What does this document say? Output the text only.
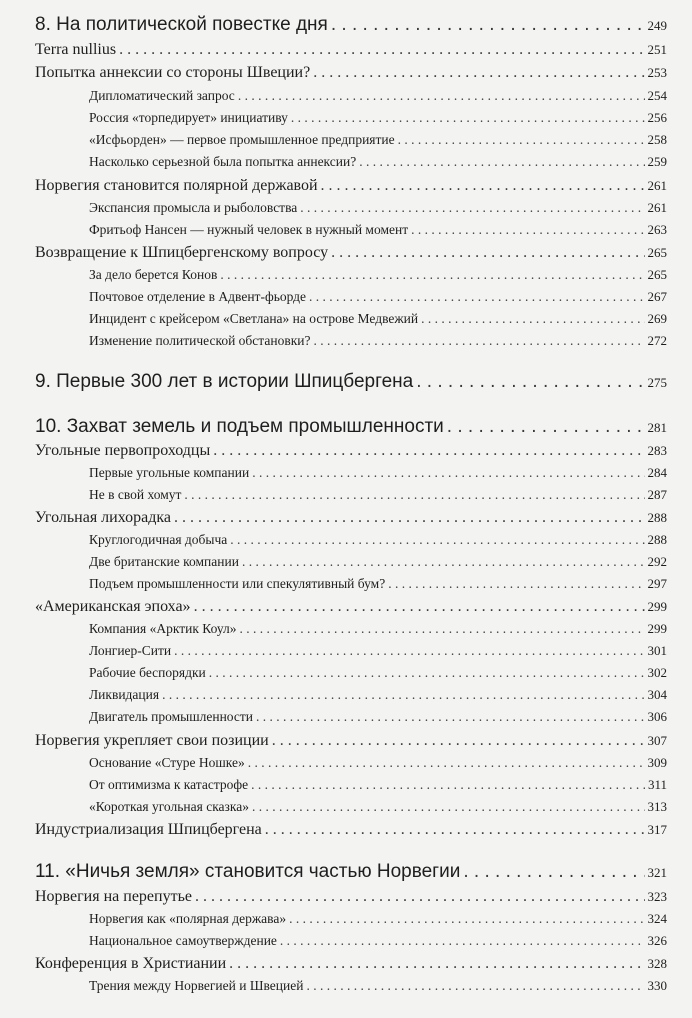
8. На политической повестке дня . . .	249
Terra nullius . . .	251
Попытка аннексии со стороны Швеции? . . .	253
Дипломатический запрос . . .	254
Россия «торпедирует» инициативу . . .	256
«Исфьорден» — первое промышленное предприятие . . .	258
Насколько серьезной была попытка аннексии? . . .	259
Норвегия становится полярной державой . . .	261
Экспансия промысла и рыболовства . . .	261
Фритьоф Нансен — нужный человек в нужный момент . . .	263
Возвращение к Шпицбергенскому вопросу . . .	265
За дело берется Конов . . .	265
Почтовое отделение в Адвент-фьорде . . .	267
Инцидент с крейсером «Светлана» на острове Медвежий . . .	269
Изменение политической обстановки? . . .	272
9. Первые 300 лет в истории Шпицбергена . . .	275
10. Захват земель и подъем промышленности . . .	281
Угольные первопроходцы . . .	283
Первые угольные компании . . .	284
Не в свой хомут . . .	287
Угольная лихорадка . . .	288
Круглогодичная добыча . . .	288
Две британские компании . . .	292
Подъем промышленности или спекулятивный бум? . . .	297
«Американская эпоха» . . .	299
Компания «Арктик Коул» . . .	299
Лонгиер-Сити . . .	301
Рабочие беспорядки . . .	302
Ликвидация . . .	304
Двигатель промышленности . . .	306
Норвегия укрепляет свои позиции . . .	307
Основание «Стуре Ношке» . . .	309
От оптимизма к катастрофе . . .	311
«Короткая угольная сказка» . . .	313
Индустриализация Шпицбергена . . .	317
11. «Ничья земля» становится частью Норвегии . . .	321
Норвегия на перепутье . . .	323
Норвегия как «полярная держава» . . .	324
Национальное самоутверждение . . .	326
Конференция в Христиании . . .	328
Трения между Норвегией и Швецией . . .	330
